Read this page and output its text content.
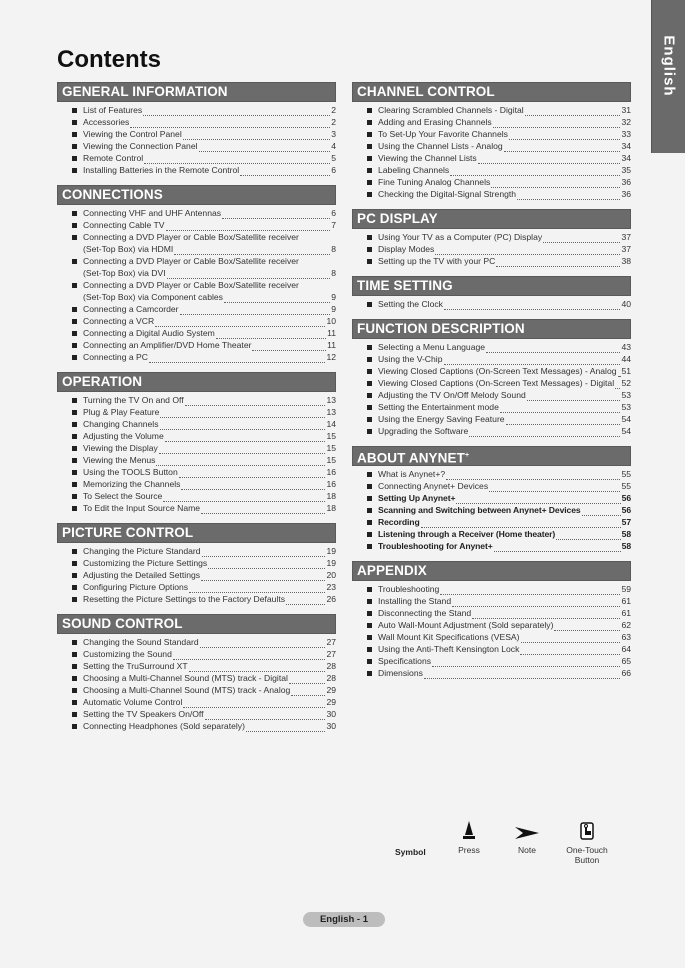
English
Contents
GENERAL INFORMATION
List of Features	2
Accessories	2
Viewing the Control Panel	3
Viewing the Connection Panel	4
Remote Control	5
Installing Batteries in the Remote Control	6
CONNECTIONS
Connecting VHF and UHF Antennas	6
Connecting Cable TV	7
Connecting a DVD Player or Cable Box/Satellite receiver
(Set-Top Box) via HDMI	8
Connecting a DVD Player or Cable Box/Satellite receiver
(Set-Top Box) via DVI	8
Connecting a DVD Player or Cable Box/Satellite receiver
(Set-Top Box) via Component cables	9
Connecting a Camcorder	9
Connecting a VCR	10
Connecting a Digital Audio System	11
Connecting an Amplifier/DVD Home Theater	11
Connecting a PC	12
OPERATION
Turning the TV On and Off	13
Plug & Play Feature	13
Changing Channels	14
Adjusting the Volume	15
Viewing the Display	15
Viewing the Menus	15
Using the TOOLS Button	16
Memorizing the Channels	16
To Select the Source	18
To Edit the Input Source Name	18
PICTURE CONTROL
Changing the Picture Standard	19
Customizing the Picture Settings	19
Adjusting the Detailed Settings	20
Configuring Picture Options	23
Resetting the Picture Settings to the Factory Defaults	26
SOUND CONTROL
Changing the Sound Standard	27
Customizing the Sound	27
Setting the TruSurround XT	28
Choosing a Multi-Channel Sound (MTS) track - Digital	28
Choosing a Multi-Channel Sound (MTS) track - Analog	29
Automatic Volume Control	29
Setting the TV Speakers On/Off	30
Connecting Headphones (Sold separately)	30
CHANNEL CONTROL
Clearing Scrambled Channels - Digital	31
Adding and Erasing Channels	32
To Set-Up Your Favorite Channels	33
Using the Channel Lists - Analog	34
Viewing the Channel Lists	34
Labeling Channels	35
Fine Tuning Analog Channels	36
Checking the Digital-Signal Strength	36
PC DISPLAY
Using Your TV as a Computer (PC) Display	37
Display Modes	37
Setting up the TV with your PC	38
TIME SETTING
Setting the Clock	40
FUNCTION DESCRIPTION
Selecting a Menu Language	43
Using the V-Chip	44
Viewing Closed Captions (On-Screen Text Messages) - Analog 51
Viewing Closed Captions (On-Screen Text Messages) - Digital 52
Adjusting the TV On/Off Melody Sound	53
Setting the Entertainment mode	53
Using the Energy Saving Feature	54
Upgrading the Software	54
ABOUT ANYNET+
What is Anynet+?	55
Connecting Anynet+ Devices	55
Setting Up Anynet+	56
Scanning and Switching between Anynet+ Devices	56
Recording	57
Listening through a Receiver (Home theater)	58
Troubleshooting for Anynet+	58
APPENDIX
Troubleshooting	59
Installing the Stand	61
Disconnecting the Stand	61
Auto Wall-Mount Adjustment (Sold separately)	62
Wall Mount Kit Specifications (VESA)	63
Using the Anti-Theft Kensington Lock	64
Specifications	65
Dimensions	66
Symbol	Press	Note	One-Touch
Button
English - 1
